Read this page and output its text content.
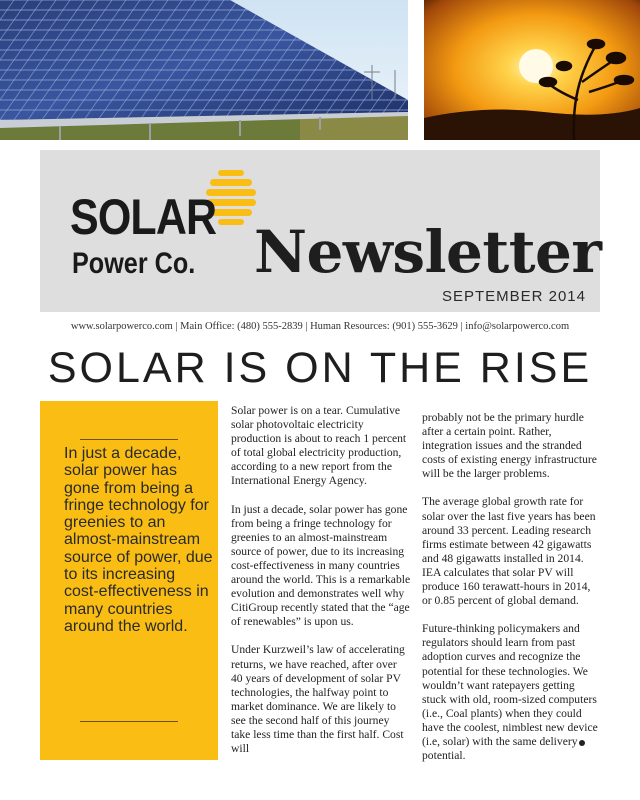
SOLAR
Power Co. Newsletter
SEPTEMBER 2014
www.solarpowerco.com | Main Office: (480) 555-2839 | Human Resources: (901) 555-3629 | info@solarpowerco.com
SOLAR IS ON THE RISE

In just a decade, solar power has gone from being a fringe technology for greenies to an almost-mainstream source of power, due to its increasing cost-effectiveness in many countries around the world.

Solar power is on a tear. Cumulative solar photovoltaic electricity production is about to reach 1 percent of total global electricity production, according to a new report from the International Energy Agency.

In just a decade, solar power has gone from being a fringe technology for greenies to an almost-mainstream source of power, due to its increasing cost-effectiveness in many countries around the world. This is a remarkable evolution and demonstrates well why CitiGroup recently stated that the “age of renewables” is upon us.

Under Kurzweil’s law of accelerating returns, we have reached, after over 40 years of development of solar PV technologies, the halfway point to market dominance. We are likely to see the second half of this journey take less time than the first half. Cost will

probably not be the primary hurdle after a certain point. Rather, integration issues and the stranded costs of existing energy infrastructure will be the larger problems.

The average global growth rate for solar over the last five years has been around 33 percent. Leading research firms estimate between 42 gigawatts and 48 gigawatts installed in 2014. IEA calculates that solar PV will produce 160 terawatt-hours in 2014, or 0.85 percent of global demand.

Future-thinking policymakers and regulators should learn from past adoption curves and recognize the potential for these technologies. We wouldn’t want ratepayers getting stuck with old, room-sized computers (i.e., Coal plants) when they could have the coolest, nimblest new device (i.e, solar) with the same delivery potential.
